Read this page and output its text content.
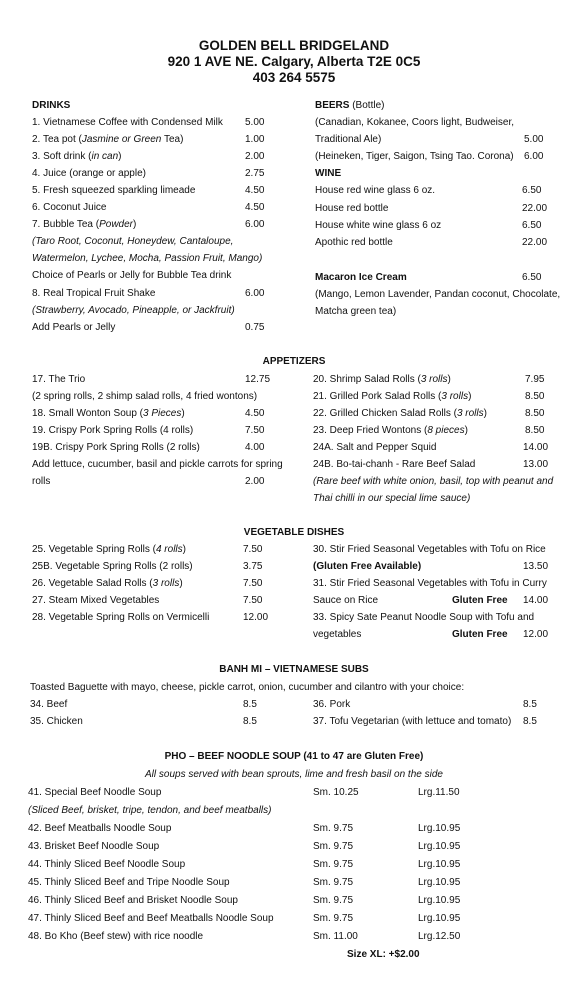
GOLDEN BELL BRIDGELAND
920 1 AVE NE. Calgary, Alberta T2E 0C5
403 264 5575
DRINKS
1. Vietnamese Coffee with Condensed Milk 5.00
2. Tea pot (Jasmine or Green Tea)	1.00
3. Soft drink (in can)	2.00
4. Juice (orange or apple)	2.75
5. Fresh squeezed sparkling limeade	4.50
6. Coconut Juice	4.50
7. Bubble Tea (Powder)	6.00
(Taro Root, Coconut, Honeydew, Cantaloupe,
Watermelon, Lychee, Mocha, Passion Fruit, Mango)
Choice of Pearls or Jelly for Bubble Tea drink
8. Real Tropical Fruit Shake	6.00
(Strawberry, Avocado, Pineapple, or Jackfruit)
Add Pearls or Jelly	0.75
BEERS (Bottle)
(Canadian, Kokanee, Coors light, Budweiser,
Traditional Ale)	5.00
(Heineken, Tiger, Saigon, Tsing Tao. Corona) 6.00
WINE
House red wine glass 6 oz.	6.50
House red bottle	22.00
House white wine glass 6 oz	6.50
Apothic red bottle	22.00
Macaron Ice Cream	6.50
(Mango, Lemon Lavender, Pandan coconut, Chocolate,
Matcha green tea)
APPETIZERS
17. The Trio	12.75
(2 spring rolls, 2 shimp salad rolls, 4 fried wontons)
18. Small Wonton Soup (3 Pieces)	4.50
19. Crispy Pork Spring Rolls (4 rolls)	7.50
19B. Crispy Pork Spring Rolls (2 rolls)	4.00
Add lettuce, cucumber, basil and pickle carrots for spring
rolls	2.00
20. Shrimp Salad Rolls (3 rolls)	7.95
21. Grilled Pork Salad Rolls (3 rolls)	8.50
22. Grilled Chicken Salad Rolls (3 rolls)	8.50
23. Deep Fried Wontons (8 pieces)	8.50
24A. Salt and Pepper Squid	14.00
24B. Bo-tai-chanh - Rare Beef Salad	13.00
(Rare beef with white onion, basil, top with peanut and
Thai chilli in our special lime sauce)
VEGETABLE DISHES
25. Vegetable Spring Rolls (4 rolls)	7.50
25B. Vegetable Spring Rolls (2 rolls)	3.75
26. Vegetable Salad Rolls (3 rolls)	7.50
27. Steam Mixed Vegetables	7.50
28. Vegetable Spring Rolls on Vermicelli	12.00
30. Stir Fried Seasonal Vegetables with Tofu on Rice
(Gluten Free Available)	13.50
31. Stir Fried Seasonal Vegetables with Tofu in Curry
Sauce on Rice	Gluten Free 14.00
33. Spicy Sate Peanut Noodle Soup with Tofu and
vegetables	Gluten Free 12.00
BANH MI – VIETNAMESE SUBS
Toasted Baguette with mayo, cheese, pickle carrot, onion, cucumber and cilantro with your choice:
34. Beef	8.5	36. Pork	8.5
35. Chicken	8.5	37. Tofu Vegetarian (with lettuce and tomato) 8.5
PHO – BEEF NOODLE SOUP (41 to 47 are Gluten Free)
All soups served with bean sprouts, lime and fresh basil on the side
41. Special Beef Noodle Soup	Sm. 10.25	Lrg.11.50
(Sliced Beef, brisket, tripe, tendon, and beef meatballs)
42. Beef Meatballs Noodle Soup	Sm. 9.75	Lrg.10.95
43. Brisket Beef Noodle Soup	Sm. 9.75	Lrg.10.95
44. Thinly Sliced Beef Noodle Soup	Sm. 9.75	Lrg.10.95
45. Thinly Sliced Beef and Tripe Noodle Soup	Sm. 9.75	Lrg.10.95
46. Thinly Sliced Beef and Brisket Noodle Soup	Sm. 9.75	Lrg.10.95
47. Thinly Sliced Beef and Beef Meatballs Noodle Soup	Sm. 9.75	Lrg.10.95
48. Bo Kho (Beef stew) with rice noodle	Sm. 11.00	Lrg.12.50
Size XL: +$2.00
